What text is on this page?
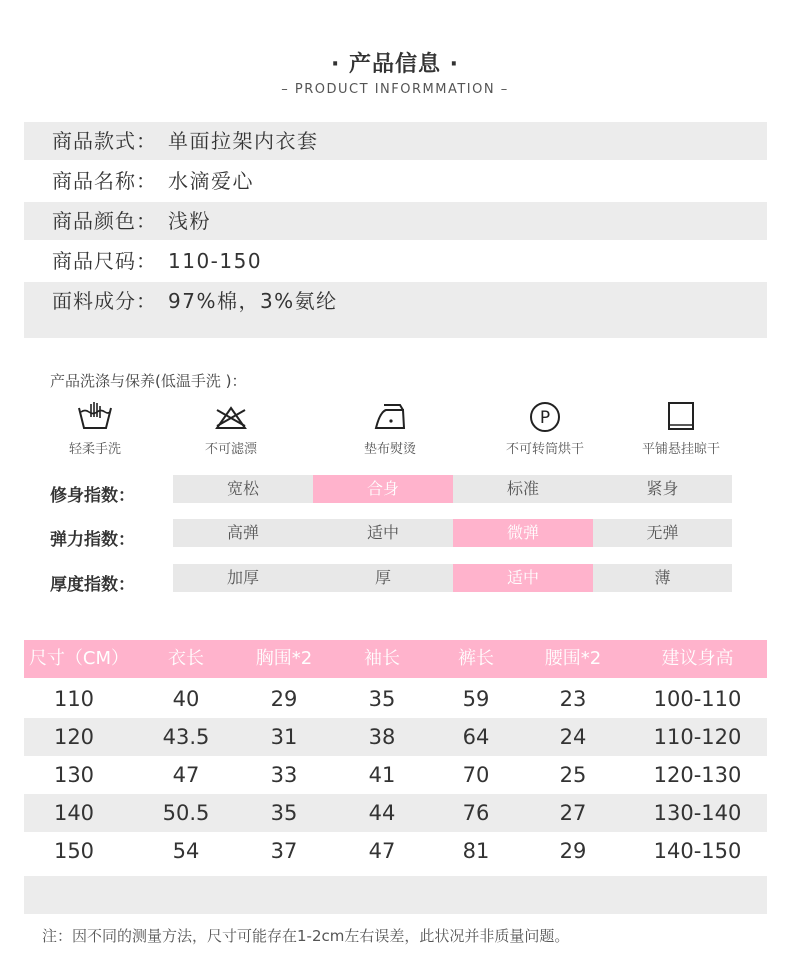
· 产品信息 ·
– PRODUCT INFORMMATION –
商品款式： 单面拉架内衣套
商品名称： 水滴爱心
商品颜色： 浅粉
商品尺码： 110-150
面料成分： 97%棉，3%氨纶
产品洗涤与保养(低温手洗 )：
轻柔手洗	不可滤漂	垫布熨烫
P
不可转筒烘干	平铺悬挂晾干
修身指数：	宽松	合身	标准	紧身
弹力指数：	高弹	适中	微弹	无弹
厚度指数：	加厚	厚	适中	薄
尺寸（CM）	衣长	胸围*2	袖长	裤长	腰围*2	建议身高
110	40	29	35	59	23	100-110
120	43.5	31	38	64	24	110-120
130	47	33	41	70	25	120-130
140	50.5	35	44	76	27	130-140
150	54	37	47	81	29	140-150
注：因不同的测量方法，尺寸可能存在1-2cm左右误差，此状况并非质量问题。
